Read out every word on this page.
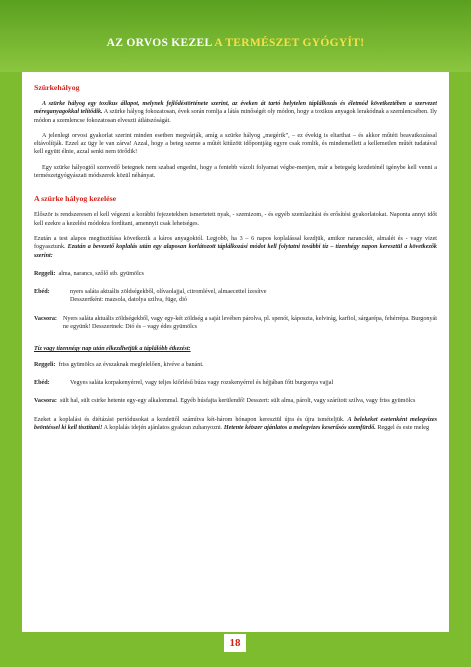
AZ ORVOS KEZEL A TERMÉSZET GYÓGYÍT!
Szürkehályog

A szürke hályog egy toxikus állapot, melynek fejlődéstörténete szerint, az éveken át tartó helytelen táplálkozás és életmód következtében a szervezet méreganyagokkal telítődik. A szürke hályog fokozatosan, évek során romlja a látás minőségét oly módon, hogy a toxikus anyagok lerakódnak a szemlencsében. Ily módon a szemlencse fokozatosan elveszti átlátszóságát.

A jelenlegi orvosi gyakorlat szerint minden esetben megvárják, amíg a szürke hályog „megérik”, – ez évekig is eltarthat – és akkor műtéti beavatkozással eltávolítják. Ezzel az ügy le van zárva! Azzal, hogy a beteg szeme a műtét kitűzött időpontjáig egyre csak romlik, és mindemellett a kellemetlen műtét tudatával kell együtt élnie, azzal senki nem törődik!

Egy szürke hályogtól szenvedő betegnek nem szabad engedni, hogy a fentebb vázolt folyamat végbe-menjen, már a betegség kezdeténél igénybe kell venni a természetgyógyászati módszerek közül néhányat.

A szürke hályog kezelése

Először is rendszeresen el kell végezni a korábbi fejezetekben ismertetett nyak, - szemizom, - és egyéb szemlazítási és erősítési gyakorlatokat. Naponta annyi időt kell ezekre a kezelési módokra fordítani, amennyit csak lehetséges.

Ezután a test alapos megtisztítása következik a káros anyagoktól. Legjobb, ha 3 – 6 napos koplalással kezdjük, amikor narancslét, almalét és - vagy vizet fogyasztunk. Ezután a bevezető koplalás után egy alaposan korlátozott táplálkozási módot kell folytatni további tíz – tizenhégy napon keresztül a következők szerint:

Reggeli: alma, narancs, szőlő stb. gyümölcs
Ebéd:	nyers saláta aktuális zöldségekből, olívaolajjal, citromlével, almaecettel ízesítve
Desszertként: mazsola, datolya szilva, füge, dió
Vacsora: Nyers saláta aktuális zöldségekből, vagy egy-két zöldség a saját levében párolva, pl. spenót, káposzta, kelvirág, karfiol, sárgarépa, fehérrépa. Burgonyát ne együnk! Desszertnek: Dió és – vagy édes gyümölcs

Tíz vagy tizennégy nap után elkezdhetjük a táplálóbb étkezést:

Reggeli: friss gyümölcs az évszaknak megfelelően, kivéve a banánt.
Ebéd:	Vegyes saláta korpakenyérrel, vagy teljes kiőrlésű búza vagy rozskenyérrel és héjjában főtt burgonya vajjal
Vacsora: sült hal, sült csirke hetente egy-egy alkalommal. Egyéb húsfajta kerülendő! Desszert: sült alma, párolt, vagy szárított szilva, vagy friss gyümölcs

Ezeket a koplalási és diétázási periódusokat a kezdettől számítva két-három hónapon keresztül újra és újra ismételjük. A belekeket esetenként melegvizes beöntéssel ki kell tisztítani! A koplalás idején ajánlatos gyakran zuhanyozni. Hetente kétszer ajánlatos a melegvizes keserűsós szemfürdő. Reggel és este meleg

18
